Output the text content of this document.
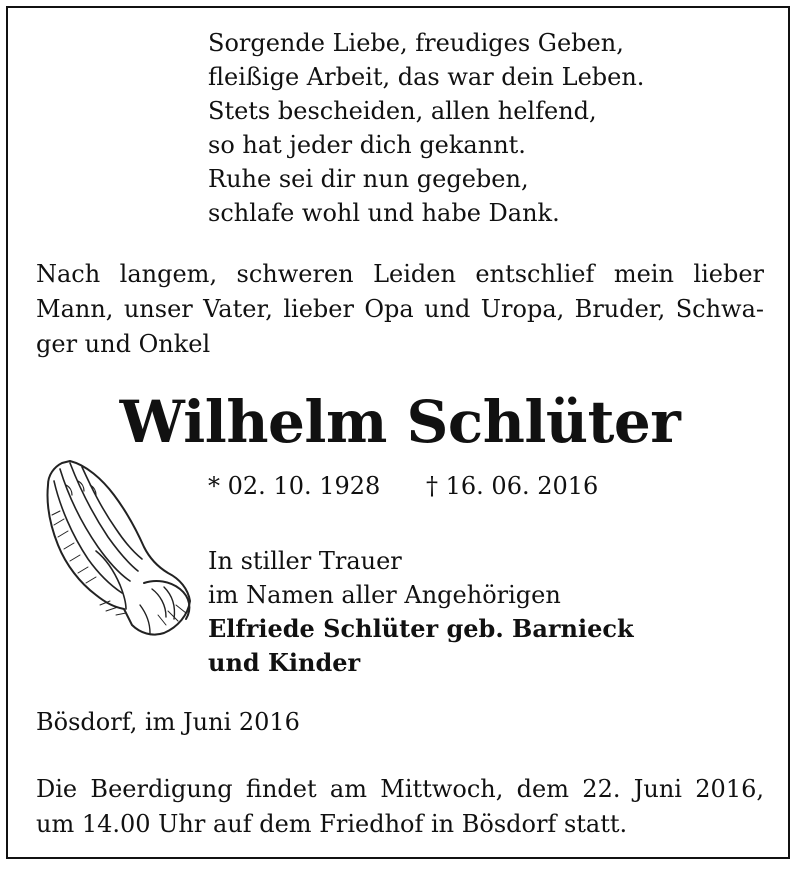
Sorgende Liebe, freudiges Geben,
fleißige Arbeit, das war dein Leben.
Stets bescheiden, allen helfend,
so hat jeder dich gekannt.
Ruhe sei dir nun gegeben,
schlafe wohl und habe Dank.
Nach langem, schweren Leiden entschlief mein lieber
Mann, unser Vater, lieber Opa und Uropa, Bruder, Schwa-
ger und Onkel
Wilhelm Schlüter
* 02. 10. 1928 † 16. 06. 2016
In stiller Trauer
im Namen aller Angehörigen
Elfriede Schlüter geb. Barnieck
und Kinder
Bösdorf, im Juni 2016
Die Beerdigung findet am Mittwoch, dem 22. Juni 2016,
um 14.00 Uhr auf dem Friedhof in Bösdorf statt.
